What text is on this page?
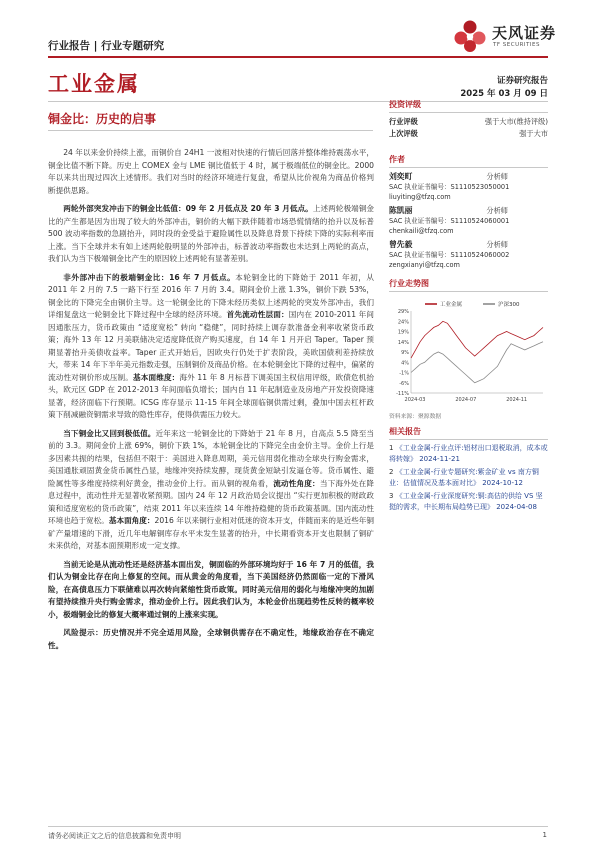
天风证券
TF SECURITIES
行业报告 | 行业专题研究
工业金属	证券研究报告
2025 年 03 月 09 日
铜金比：历史的启事

24 年以来金价持续上涨，而铜价自 24H1 一波相对快速的行情后回落并整体维持震荡水平，铜金比值不断下降。历史上 COMEX 金与 LME 铜比值低于 4 时，属于极端低位的铜金比。2000 年以来共出现过四次上述情形。我们对当时的经济环境进行复盘，希望从比价视角为商品价格判断提供思路。

两轮外部突发冲击下的铜金比低值：09 年 2 月低点及 20 年 3 月低点。上述两轮极端铜金比的产生都是因为出现了较大的外部冲击，铜价的大幅下跌伴随着市场恐慌情绪的抬升以及标普 500 波动率指数的急剧抬升，同时段的金受益于避险属性以及降息背景下持续下降的实际利率而上涨。当下全球并未有如上述两轮般明显的外部冲击，标普波动率指数也未达到上两轮的高点，我们认为当下极端铜金比产生的原因较上述两轮有显著差别。

非外部冲击下的极端铜金比：16 年 7 月低点。本轮铜金比的下降始于 2011 年初，从 2011 年 2 月的 7.5 一路下行至 2016 年 7 月的 3.4。期间金价上涨 1.3%，铜价下跌 53%，铜金比的下降完全由铜价主导。这一轮铜金比的下降未经历类似上述两轮的突发外部冲击，我们详细复盘这一轮铜金比下降过程中全球的经济环境。首先流动性层面：国内在 2010-2011 年间因通胀压力，货币政策由 “适度宽松” 转向 “稳健”，同时持续上调存款准备金利率收紧货币政策；海外 13 年 12 月美联储决定适度降低资产购买速度，自 14 年 1 月开启 Taper。Taper 预期显著抬升美债收益率。Taper 正式开始后，因欧央行仍处于扩表阶段，美欧国债利差持续放大，带来 14 年下半年美元指数走强，压制铜价及商品价格。在本轮铜金比下降的过程中，偏紧的流动性对铜价形成压制。基本面维度：海外 11 年 8 月标普下调美国主权信用评级，欧债危机抬头，欧元区 GDP 在 2012-2013 年间面临负增长；国内自 11 年起制造业及房地产开发投资降速显著，经济面临下行预期。ICSG 库存显示 11-15 年间全球面临铜供需过剩，叠加中国去杠杆政策下削减融资铜需求导致的隐性库存，使得供需压力较大。

当下铜金比又回到极低值。近年来这一轮铜金比的下降始于 21 年 8 月，自高点 5.5 降至当前的 3.3。期间金价上涨 69%，铜价下跌 1%，本轮铜金比的下降完全由金价主导。金价上行是多因素共振的结果，包括但不限于：美国进入降息周期，美元信用弱化推动全球央行购金需求，美国通胀顽固黄金货币属性凸显，地缘冲突持续发酵，现货黄金短缺引发逼仓等。货币属性、避险属性等多维度持续利好黄金，推动金价上行。而从铜的视角看，流动性角度：当下海外处在降息过程中，流动性并无显著收紧预期。国内 24 年 12 月政治局会议提出 “实行更加积极的财政政策和适度宽松的货币政策”，结束 2011 年以来连续 14 年维持稳健的货币政策基调。国内流动性环境也趋于宽松。基本面角度：2016 年以来铜行业相对低迷的资本开支，伴随而来的是近些年铜矿产量增速的下滑，近几年电解铜库存水平未发生显著的抬升，中长期看资本开支也限制了铜矿未来供给，对基本面预期形成一定支撑。

当前无论是从流动性还是经济基本面出发，铜面临的外部环境均好于 16 年 7 月的低值，我们认为铜金比存在向上修复的空间。而从黄金的角度看，当下美国经济仍然面临一定的下滑风险，在高债息压力下联储难以再次转向紧缩性货币政策。同时美元信用的弱化与地缘冲突的加剧有望持续推升央行购金需求，推动金价上行。因此我们认为，本轮金价出现趋势性反转的概率较小，极端铜金比的修复大概率通过铜的上涨来实现。

风险提示：历史情况并不完全适用风险，全球铜供需存在不确定性，地缘政治存在不确定性。

投资评级
行业评级	强于大市(维持评级)
上次评级	强于大市
作者
刘奕町	分析师
SAC 执业证书编号：S1110523050001
liuyiting@tfzq.com
陈凯丽	分析师
SAC 执业证书编号：S1110524060001
chenkaili@tfzq.com
曾先毅	分析师
SAC 执业证书编号：S1110524060002
zengxianyi@tfzq.com
行业走势图
-11%
-6%
-1%
4%
9%
14%
19%
24%
29%
2024-03	2024-07	2024-11
工业金属	沪深300
资料来源：聚源数据
相关报告
1 《工业金属-行业点评:铝材出口退税取消，成本或将转嫁》 2024-11-21
2 《工业金属-行业专题研究:紫金矿业 vs 南方铜业：估值情况及基本面对比》 2024-10-12
3 《工业金属-行业深度研究:铜:高估的供给 VS 坚挺的需求，中长期布局趋势已现》 2024-04-08
请务必阅读正文之后的信息披露和免责申明	1
